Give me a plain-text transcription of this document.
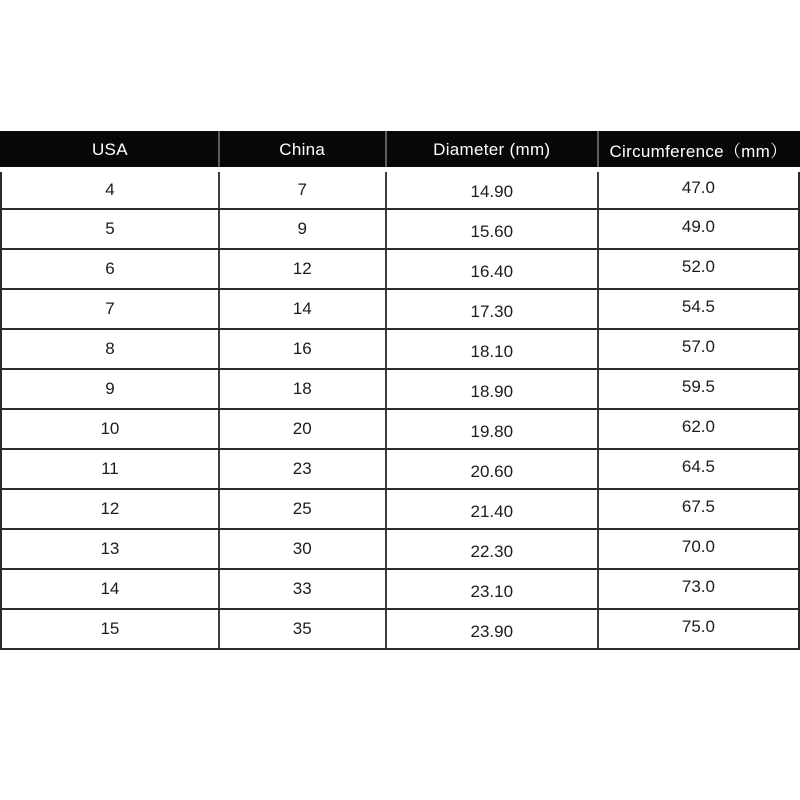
USA	China	Diameter (mm)	Circumference（mm）
4	7	14.90	47.0
5	9	15.60	49.0
6	12	16.40	52.0
7	14	17.30	54.5
8	16	18.10	57.0
9	18	18.90	59.5
10	20	19.80	62.0
11	23	20.60	64.5
12	25	21.40	67.5
13	30	22.30	70.0
14	33	23.10	73.0
15	35	23.90	75.0
